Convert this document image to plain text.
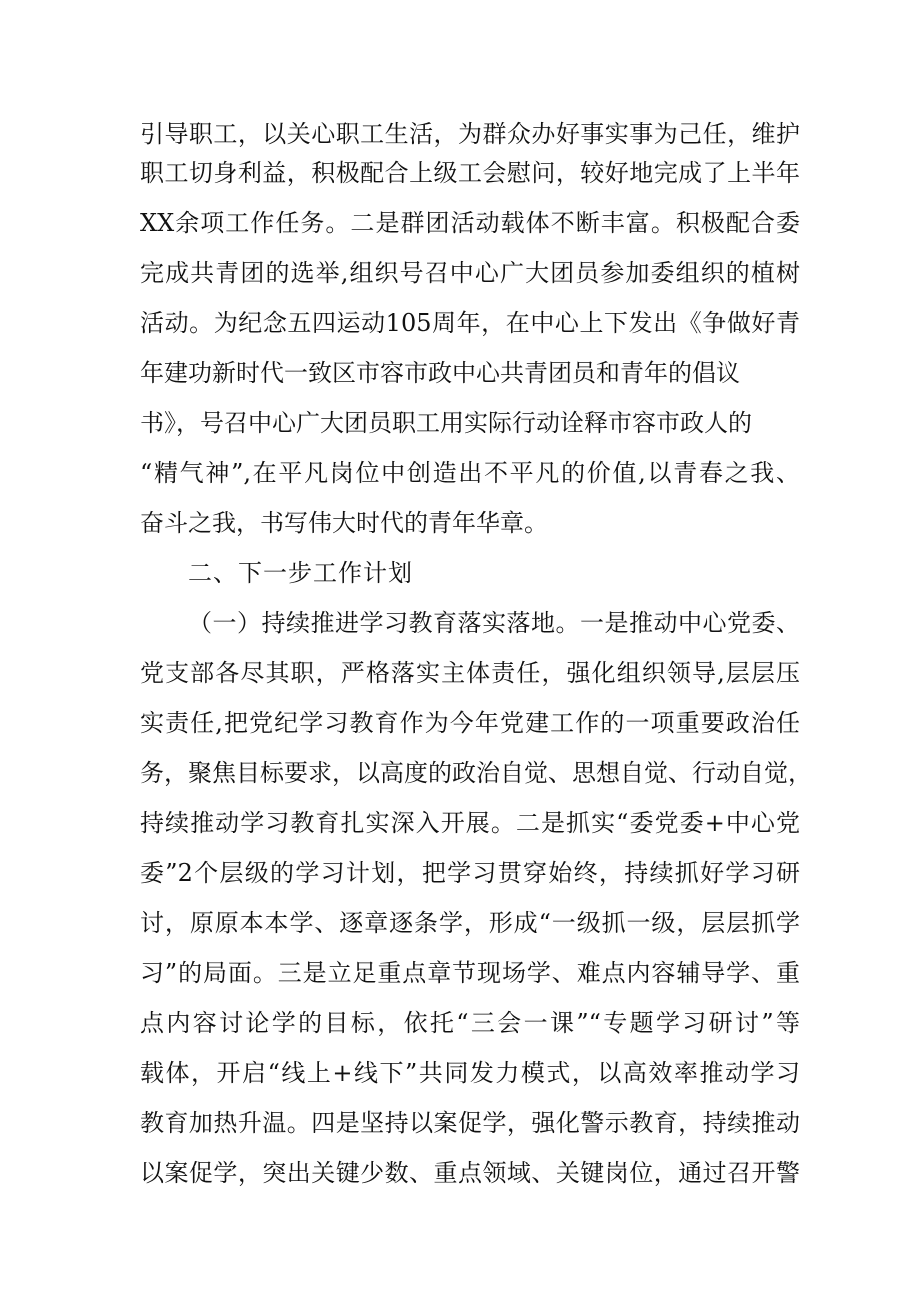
引导职工，以关心职工生活，为群众办好事实事为己任，维护
职工切身利益，积极配合上级工会慰问，较好地完成了上半年
XX余项工作任务。二是群团活动载体不断丰富。积极配合委
完成共青团的选举,组织号召中心广大团员参加委组织的植树
活动。为纪念五四运动105周年，在中心上下发出《争做好青
年建功新时代一致区市容市政中心共青团员和青年的倡议
书》，号召中心广大团员职工用实际行动诠释市容市政人的
“精气神”,在平凡岗位中创造出不平凡的价值,以青春之我、
奋斗之我，书写伟大时代的青年华章。
二、下一步工作计划
（一）持续推进学习教育落实落地。一是推动中心党委、
党支部各尽其职，严格落实主体责任，强化组织领导,层层压
实责任,把党纪学习教育作为今年党建工作的一项重要政治任
务，聚焦目标要求，以高度的政治自觉、思想自觉、行动自觉，
持续推动学习教育扎实深入开展。二是抓实“委党委+中心党
委”2个层级的学习计划，把学习贯穿始终，持续抓好学习研
讨，原原本本学、逐章逐条学，形成“一级抓一级，层层抓学
习”的局面。三是立足重点章节现场学、难点内容辅导学、重
点内容讨论学的目标，依托“三会一课”“专题学习研讨”等
载体，开启“线上+线下”共同发力模式，以高效率推动学习
教育加热升温。四是坚持以案促学，强化警示教育，持续推动
以案促学，突出关键少数、重点领域、关键岗位，通过召开警
